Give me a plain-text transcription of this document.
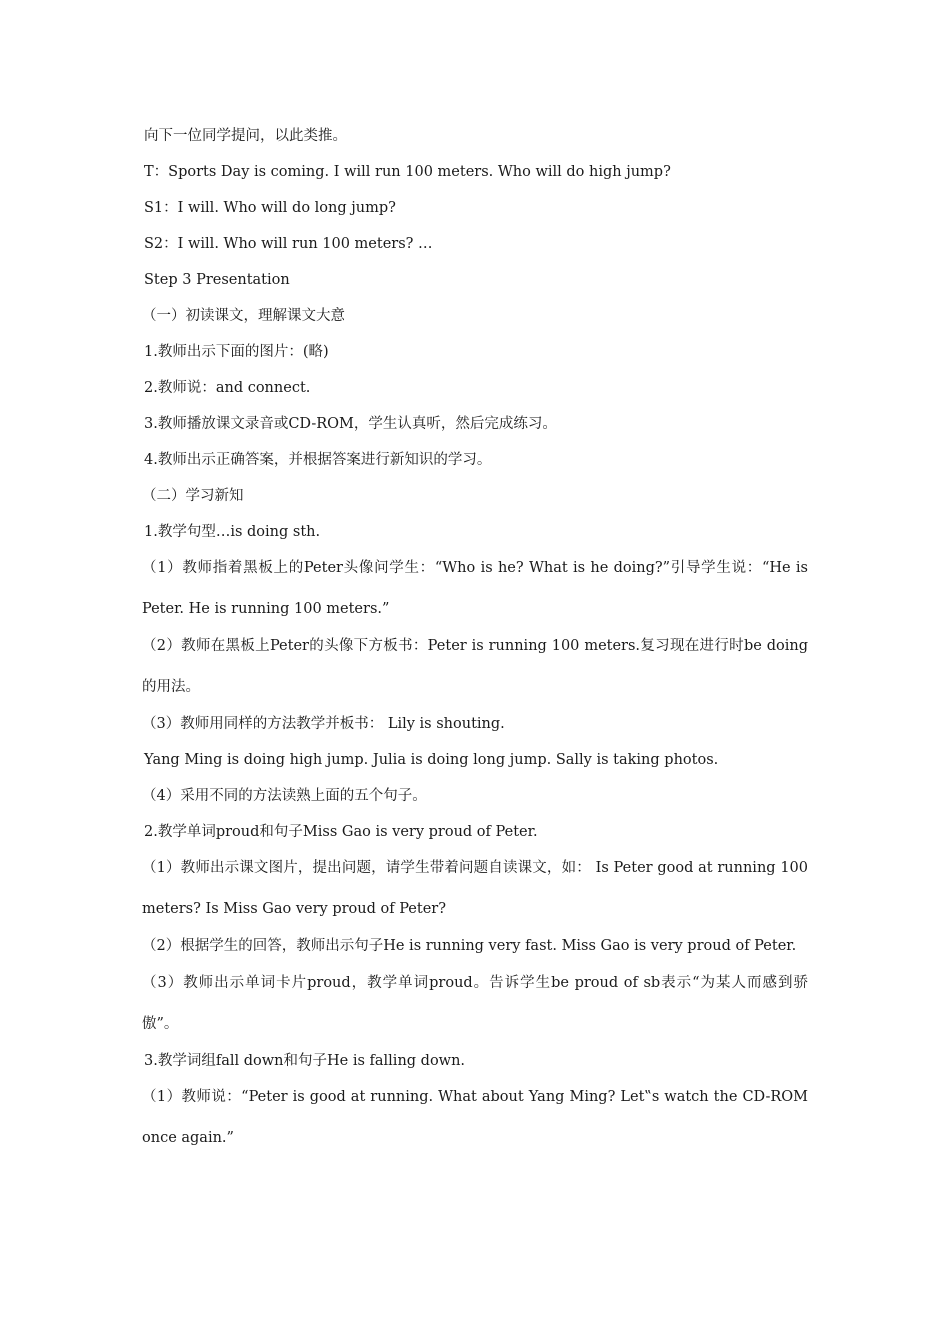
向下一位同学提问，以此类推。

T：Sports Day is coming. I will run 100 meters. Who will do high jump?

S1：I will. Who will do long jump?

S2：I will. Who will run 100 meters? …

Step 3 Presentation

（一）初读课文，理解课文大意

1.教师出示下面的图片：(略)

2.教师说：and connect.

3.教师播放课文录音或CD-ROM，学生认真听，然后完成练习。

4.教师出示正确答案，并根据答案进行新知识的学习。

（二）学习新知

1.教学句型…is doing sth.

（1）教师指着黑板上的Peter头像问学生：“Who is he? What is he doing?”引导学生说：“He is Peter. He is running 100 meters.”

（2）教师在黑板上Peter的头像下方板书：Peter is running 100 meters.复习现在进行时be doing的用法。

（3）教师用同样的方法教学并板书： Lily is shouting.

Yang Ming is doing high jump. Julia is doing long jump. Sally is taking photos.

（4）采用不同的方法读熟上面的五个句子。

2.教学单词proud和句子Miss Gao is very proud of Peter.

（1）教师出示课文图片，提出问题，请学生带着问题自读课文，如： Is Peter good at running 100 meters? Is Miss Gao very proud of Peter?

（2）根据学生的回答，教师出示句子He is running very fast. Miss Gao is very proud of Peter.

（3）教师出示单词卡片proud，教学单词proud。告诉学生be proud of sb表示“为某人而感到骄傲”。

3.教学词组fall down和句子He is falling down.

（1）教师说：“Peter is good at running. What about Yang Ming? Let‟s watch the CD-ROM once again.”
